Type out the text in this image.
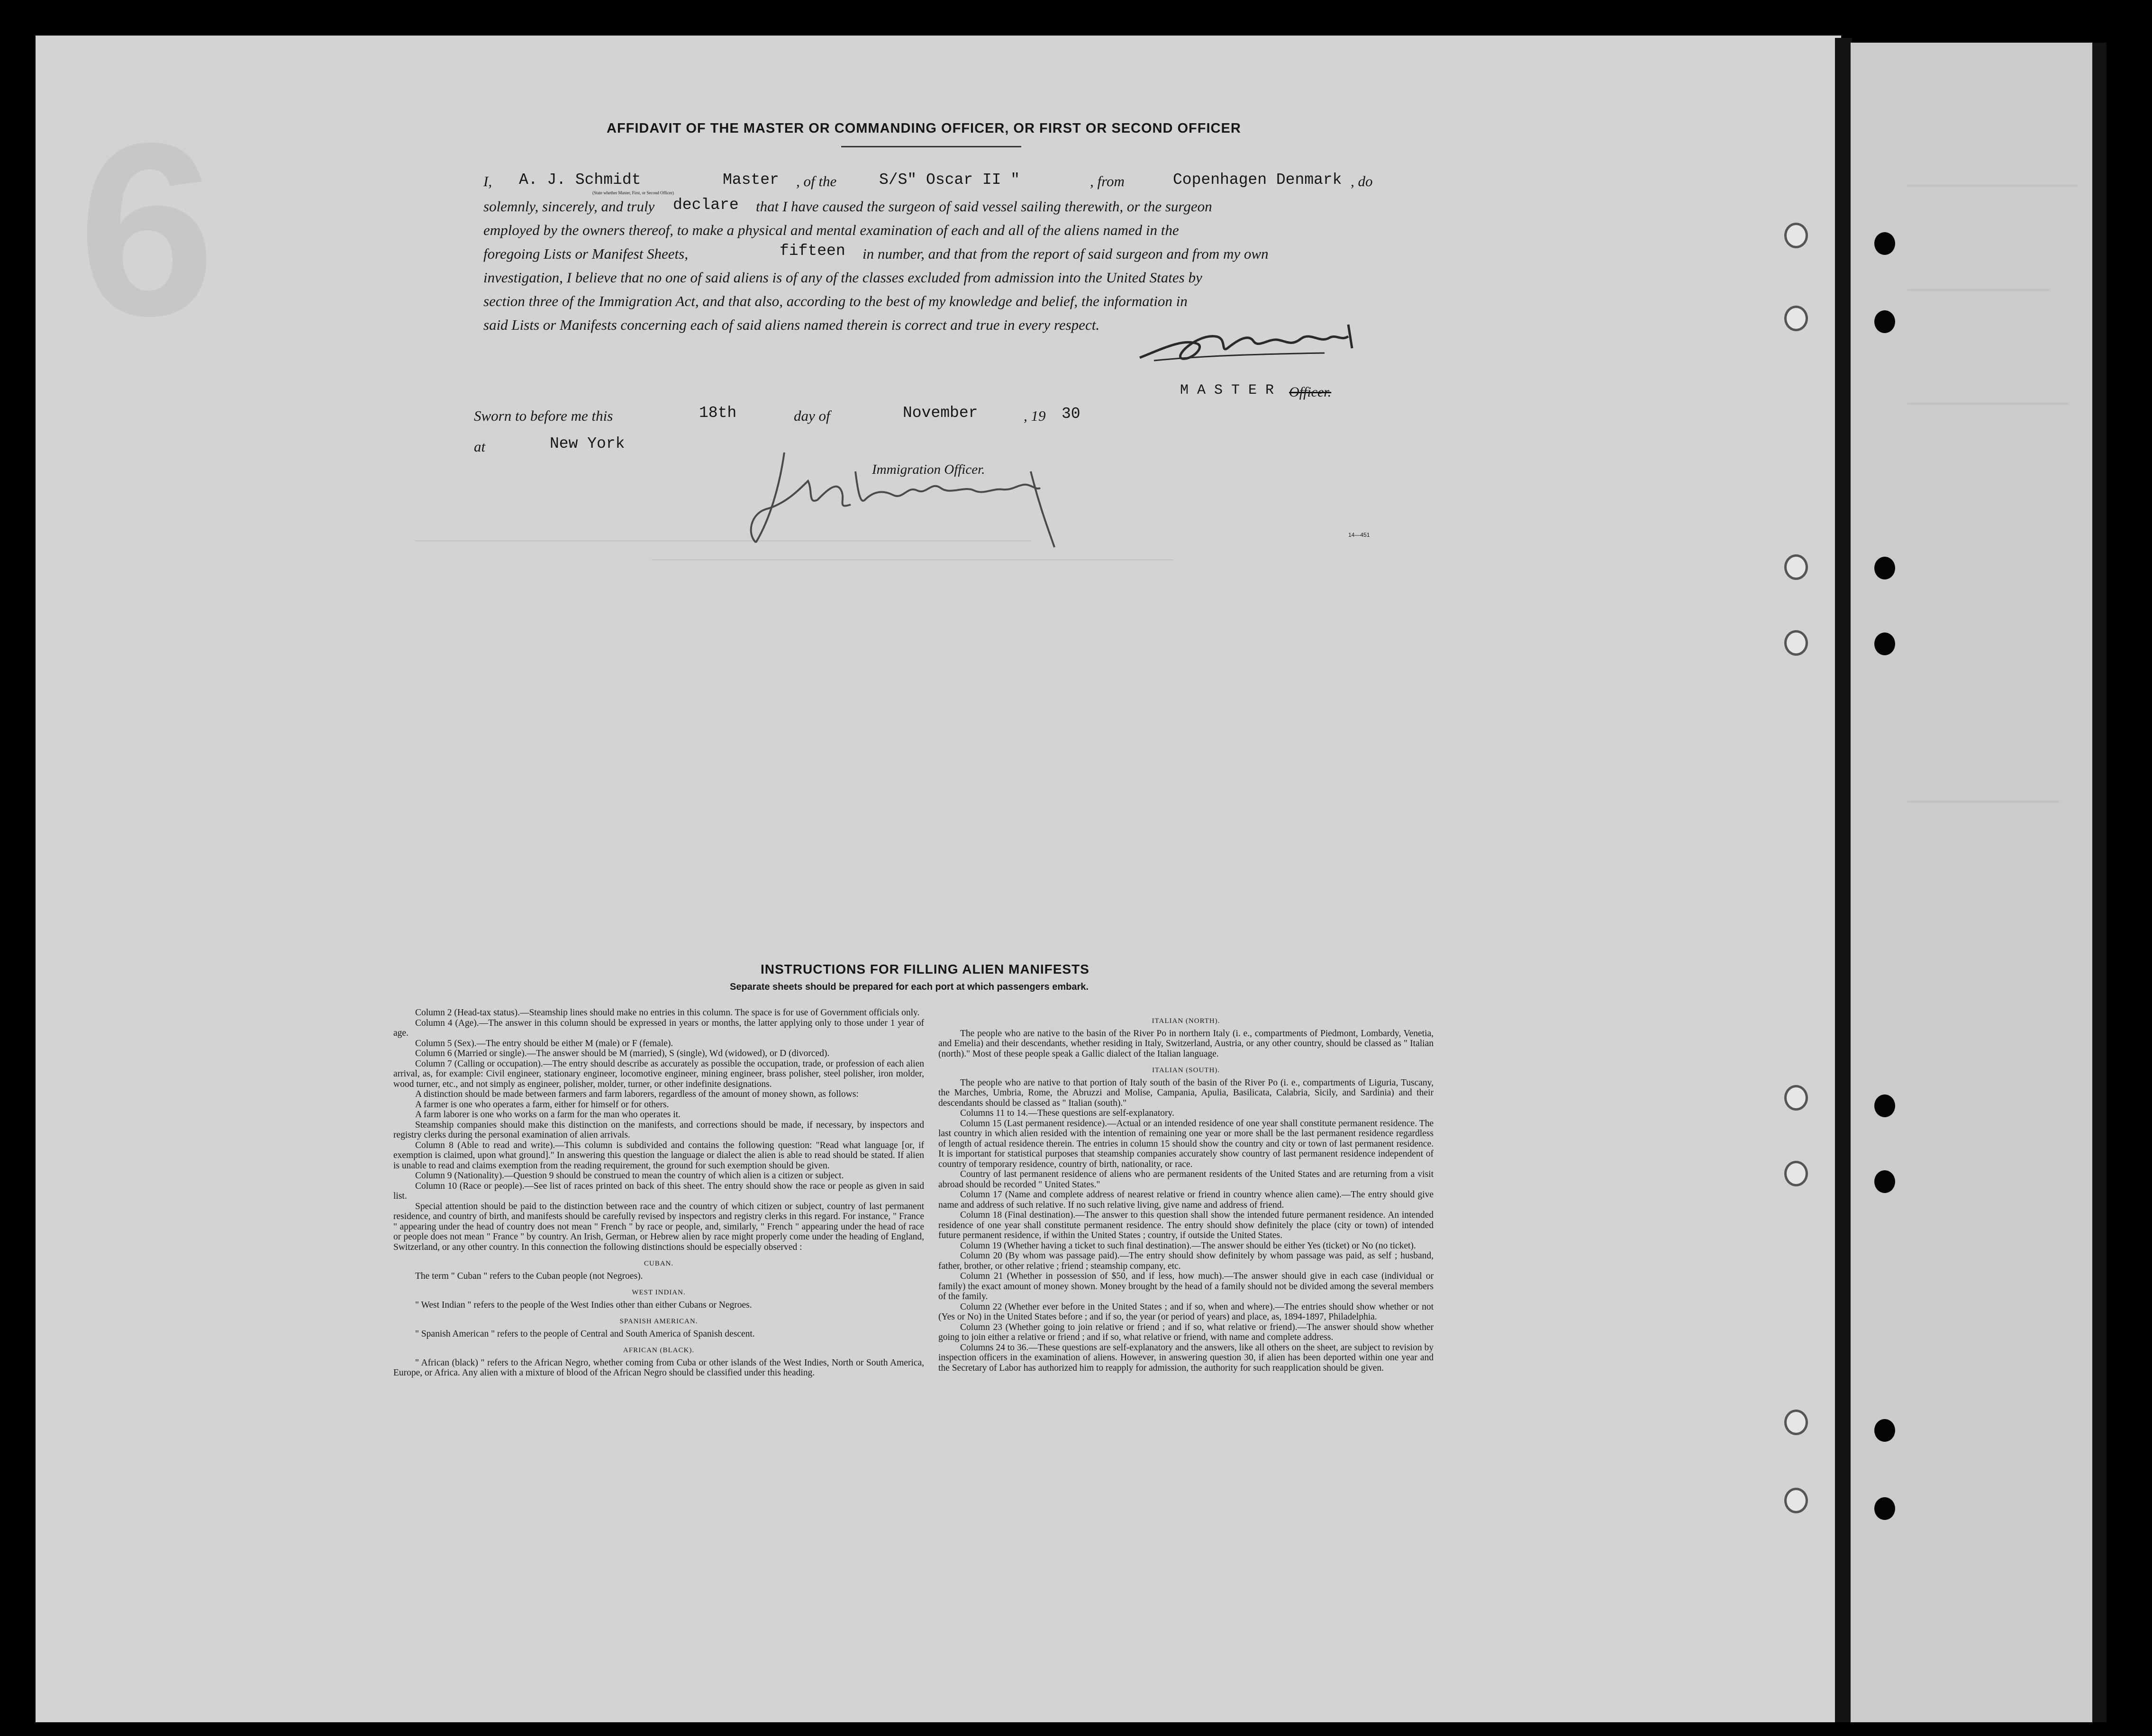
6	AFFIDAVIT OF THE MASTER OR COMMANDING OFFICER, OR FIRST OR SECOND OFFICER
I, A. J. Schmidt	Master
(State whether Master, First, or Second Officer)
, of the	S/S" Oscar II "	, from	Copenhagen Denmark , do
solemnly, sincerely, and truly declare that I have caused the surgeon of said vessel sailing therewith, or the surgeon
employed by the owners thereof, to make a physical and mental examination of each and all of the aliens named in the
foregoing Lists or Manifest Sheets,	fifteen in number, and that from the report of said surgeon and from my own
investigation, I believe that no one of said aliens is of any of the classes excluded from admission into the United States by
section three of the Immigration Act, and that also, according to the best of my knowledge and belief, the information in
said Lists or Manifests concerning each of said aliens named therein is correct and true in every respect.
M A S T E R Officer.
Sworn to before me this	18th	day of	November	, 19 30
at	New York
Immigration Officer.
14—451
INSTRUCTIONS FOR FILLING ALIEN MANIFESTS
Separate sheets should be prepared for each port at which passengers embark.

Column 2 (Head-tax status).—Steamship lines should make no entries in this column. The space is for use of Government officials only.

Column 4 (Age).—The answer in this column should be expressed in years or months, the latter applying only to those under 1 year of age.

Column 5 (Sex).—The entry should be either M (male) or F (female).

Column 6 (Married or single).—The answer should be M (married), S (single), Wd (widowed), or D (divorced).

Column 7 (Calling or occupation).—The entry should describe as accurately as possible the occupation, trade, or profession of each alien arrival, as, for example: Civil engineer, stationary engineer, locomotive engineer, mining engineer, brass polisher, steel polisher, iron molder, wood turner, etc., and not simply as engineer, polisher, molder, turner, or other indefinite designations.

A distinction should be made between farmers and farm laborers, regardless of the amount of money shown, as follows:

A farmer is one who operates a farm, either for himself or for others.

A farm laborer is one who works on a farm for the man who operates it.

Steamship companies should make this distinction on the manifests, and corrections should be made, if necessary, by inspectors and registry clerks during the personal examination of alien arrivals.

Column 8 (Able to read and write).—This column is subdivided and contains the following question: "Read what language [or, if exemption is claimed, upon what ground]." In answering this question the language or dialect the alien is able to read should be stated. If alien is unable to read and claims exemption from the reading requirement, the ground for such exemption should be given.

Column 9 (Nationality).—Question 9 should be construed to mean the country of which alien is a citizen or subject.

Column 10 (Race or people).—See list of races printed on back of this sheet. The entry should show the race or people as given in said list.

Special attention should be paid to the distinction between race and the country of which citizen or subject, country of last permanent residence, and country of birth, and manifests should be carefully revised by inspectors and registry clerks in this regard. For instance, " France " appearing under the head of country does not mean " French " by race or people, and, similarly, " French " appearing under the head of race or people does not mean " France " by country. An Irish, German, or Hebrew alien by race might properly come under the heading of England, Switzerland, or any other country. In this connection the following distinctions should be especially observed :

CUBAN.

The term " Cuban " refers to the Cuban people (not Negroes).

WEST INDIAN.

" West Indian " refers to the people of the West Indies other than either Cubans or Negroes.

SPANISH AMERICAN.

" Spanish American " refers to the people of Central and South America of Spanish descent.

AFRICAN (BLACK).

" African (black) " refers to the African Negro, whether coming from Cuba or other islands of the West Indies, North or South America, Europe, or Africa. Any alien with a mixture of blood of the African Negro should be classified under this heading.

ITALIAN (NORTH).

The people who are native to the basin of the River Po in northern Italy (i. e., compartments of Piedmont, Lombardy, Venetia, and Emelia) and their descendants, whether residing in Italy, Switzerland, Austria, or any other country, should be classed as " Italian (north)." Most of these people speak a Gallic dialect of the Italian language.

ITALIAN (SOUTH).

The people who are native to that portion of Italy south of the basin of the River Po (i. e., compartments of Liguria, Tuscany, the Marches, Umbria, Rome, the Abruzzi and Molise, Campania, Apulia, Basilicata, Calabria, Sicily, and Sardinia) and their descendants should be classed as " Italian (south)."

Columns 11 to 14.—These questions are self-explanatory.

Column 15 (Last permanent residence).—Actual or an intended residence of one year shall constitute permanent residence. The last country in which alien resided with the intention of remaining one year or more shall be the last permanent residence regardless of length of actual residence therein. The entries in column 15 should show the country and city or town of last permanent residence. It is important for statistical purposes that steamship companies accurately show country of last permanent residence independent of country of temporary residence, country of birth, nationality, or race.

Country of last permanent residence of aliens who are permanent residents of the United States and are returning from a visit abroad should be recorded " United States."

Column 17 (Name and complete address of nearest relative or friend in country whence alien came).—The entry should give name and address of such relative. If no such relative living, give name and address of friend.

Column 18 (Final destination).—The answer to this question shall show the intended future permanent residence. An intended residence of one year shall constitute permanent residence. The entry should show definitely the place (city or town) of intended future permanent residence, if within the United States ; country, if outside the United States.

Column 19 (Whether having a ticket to such final destination).—The answer should be either Yes (ticket) or No (no ticket).

Column 20 (By whom was passage paid).—The entry should show definitely by whom passage was paid, as self ; husband, father, brother, or other relative ; friend ; steamship company, etc.

Column 21 (Whether in possession of $50, and if less, how much).—The answer should give in each case (individual or family) the exact amount of money shown. Money brought by the head of a family should not be divided among the several members of the family.

Column 22 (Whether ever before in the United States ; and if so, when and where).—The entries should show whether or not (Yes or No) in the United States before ; and if so, the year (or period of years) and place, as, 1894-1897, Philadelphia.

Column 23 (Whether going to join relative or friend ; and if so, what relative or friend).—The answer should show whether going to join either a relative or friend ; and if so, what relative or friend, with name and complete address.

Columns 24 to 36.—These questions are self-explanatory and the answers, like all others on the sheet, are subject to revision by inspection officers in the examination of aliens. However, in answering question 30, if alien has been deported within one year and the Secretary of Labor has authorized him to reapply for admission, the authority for such reapplication should be given.
